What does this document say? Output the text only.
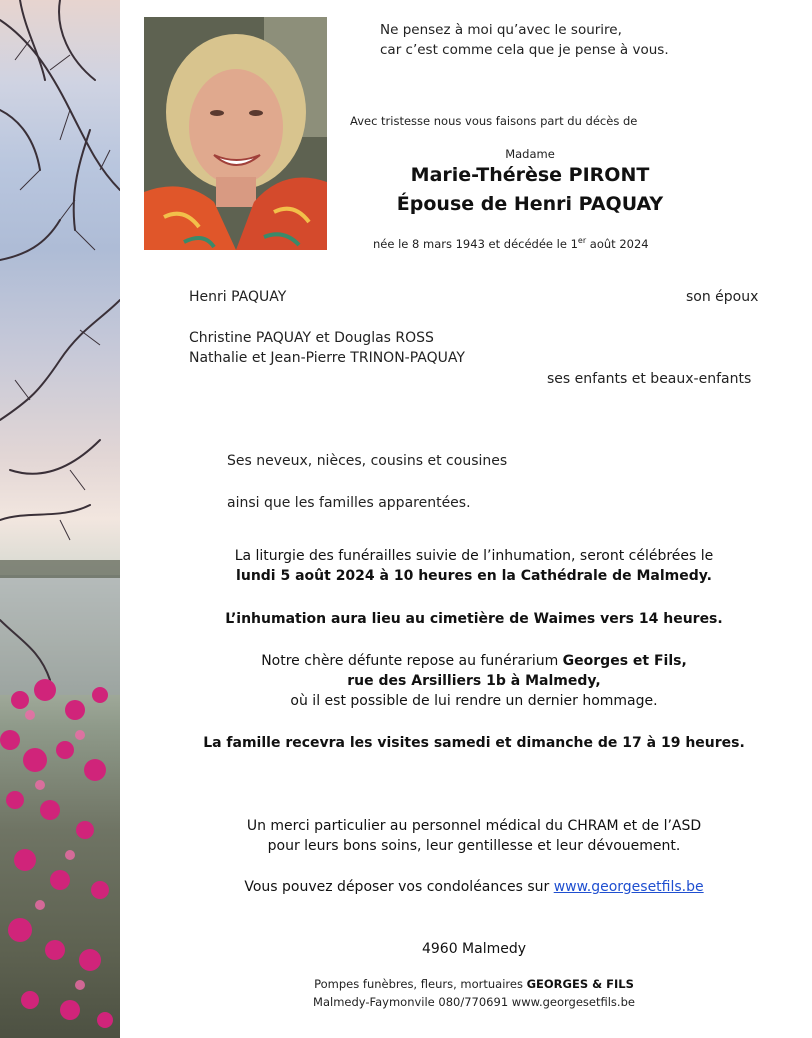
Ne pensez à moi qu’avec le sourire,
car c’est comme cela que je pense à vous.
Avec tristesse nous vous faisons part du décès de
Madame
Marie-Thérèse PIRONT
Épouse de Henri PAQUAY
née le 8 mars 1943 et décédée le 1er août 2024
Henri PAQUAY	son époux
Christine PAQUAY et Douglas ROSS
Nathalie et Jean-Pierre TRINON-PAQUAY
ses enfants et beaux-enfants
Ses neveux, nièces, cousins et cousines
ainsi que les familles apparentées.
La liturgie des funérailles suivie de l’inhumation, seront célébrées le
lundi 5 août 2024 à 10 heures en la Cathédrale de Malmedy.
L’inhumation aura lieu au cimetière de Waimes vers 14 heures.
Notre chère défunte repose au funérarium Georges et Fils,
rue des Arsilliers 1b à Malmedy,
où il est possible de lui rendre un dernier hommage.
La famille recevra les visites samedi et dimanche de 17 à 19 heures.
Un merci particulier au personnel médical du CHRAM et de l’ASD
pour leurs bons soins, leur gentillesse et leur dévouement.
Vous pouvez déposer vos condoléances sur www.georgesetfils.be
4960 Malmedy
Pompes funèbres, fleurs, mortuaires GEORGES & FILS
Malmedy-Faymonvile 080/770691 www.georgesetfils.be
